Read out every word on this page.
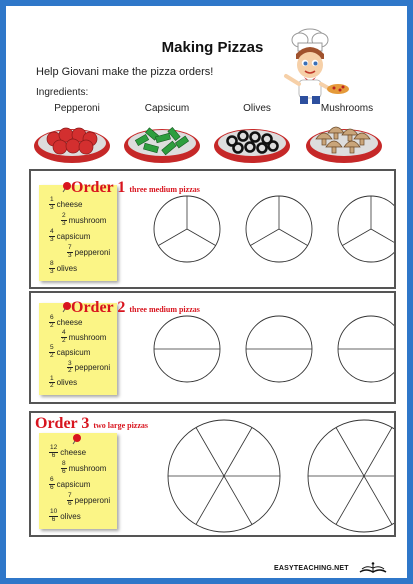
Making Pizzas
Help Giovani make the pizza orders!
Ingredients:
Pepperoni	Capsicum	Olives	Mushrooms
Order 1 three medium pizzas
$\frac{1}{3}$ cheese
$\frac{2}{3}$ mushroom
$\frac{4}{3}$ capsicum
$\frac{7}{3}$ pepperoni
$\frac{8}{3}$ olives
Order 2 three medium pizzas
$\frac{6}{2}$ cheese
$\frac{4}{2}$ mushroom
$\frac{5}{2}$ capsicum
$\frac{3}{2}$ pepperoni
$\frac{1}{2}$ olives
Order 3 two large pizzas
$\frac{12}{6}$ cheese
$\frac{8}{6}$ mushroom
$\frac{6}{6}$ capsicum
$\frac{7}{6}$ pepperoni
$\frac{10}{6}$ olives
EASYTEACHING.NET
